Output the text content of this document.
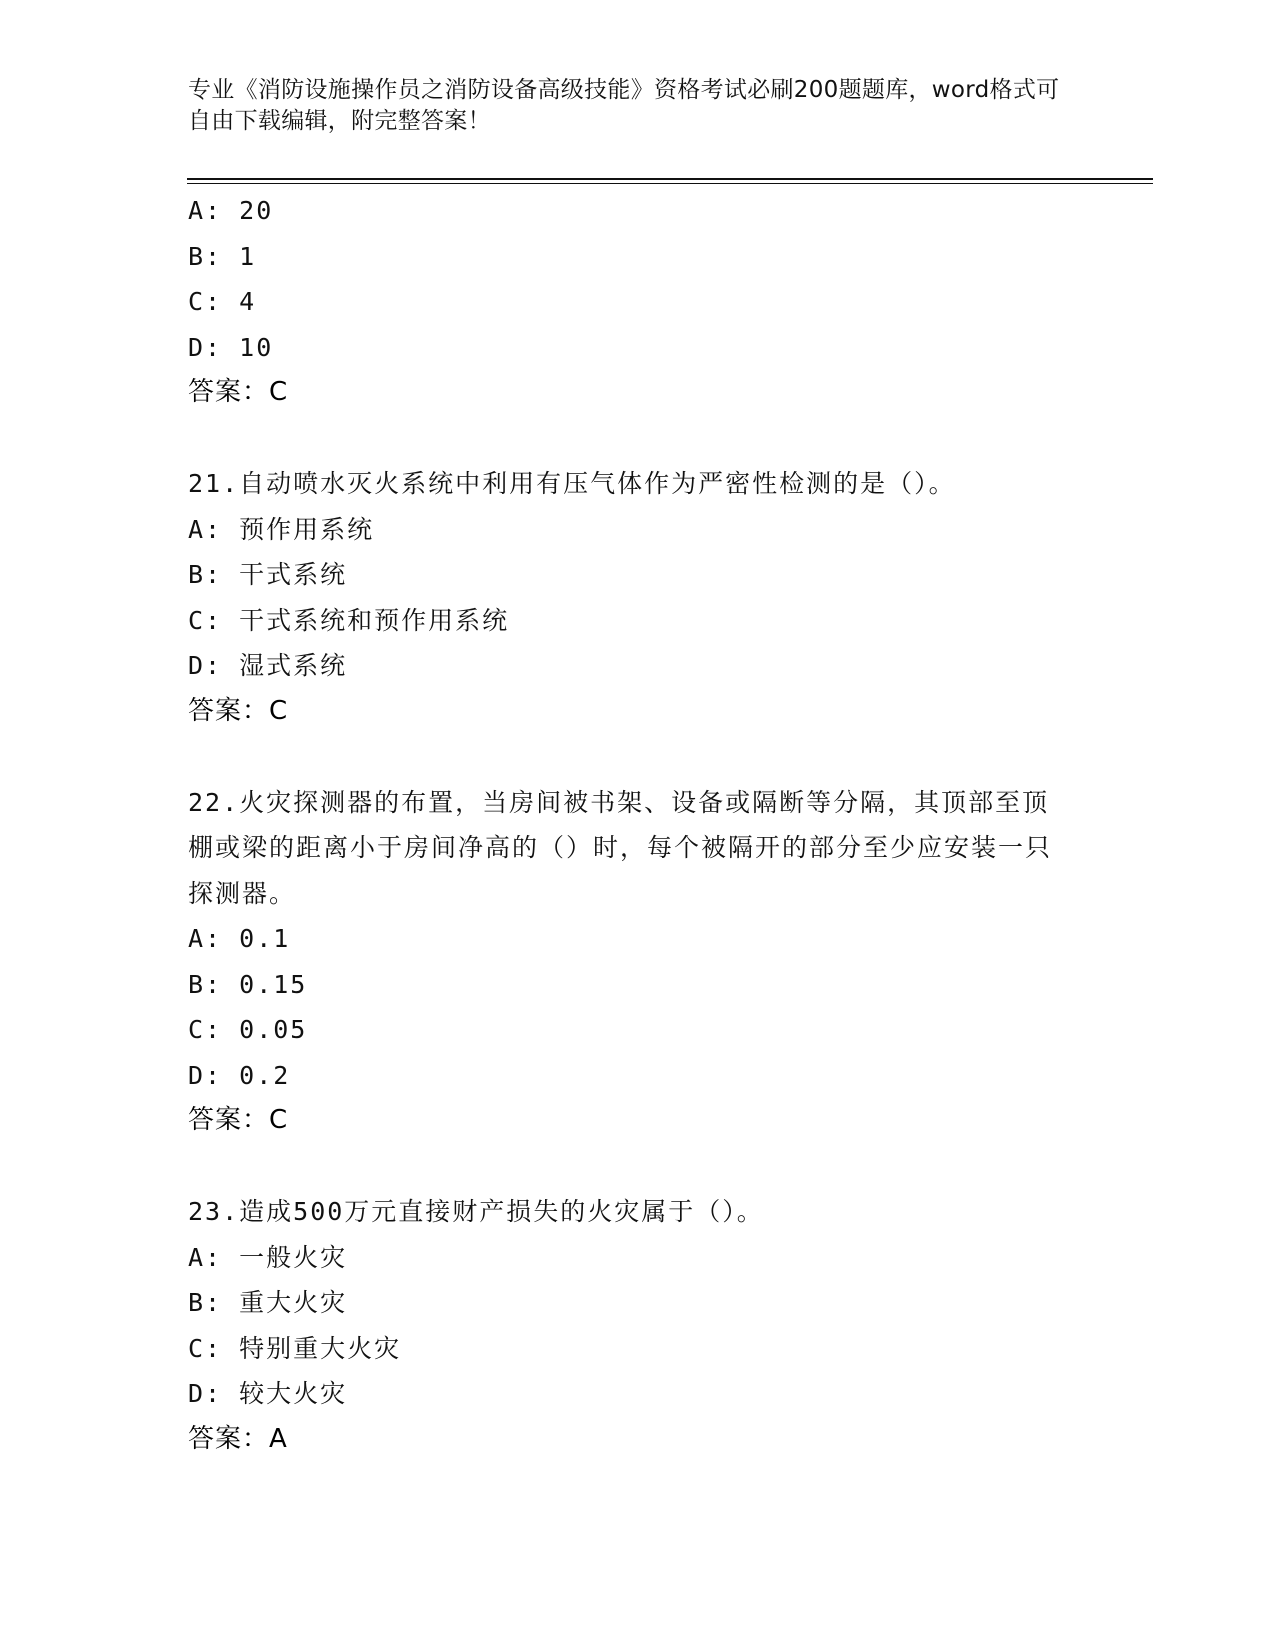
专业《消防设施操作员之消防设备高级技能》资格考试必刷200题题库，word格式可自由下载编辑，附完整答案！
A: 20
B: 1
C: 4
D: 10
答案：C
21.自动喷水灭火系统中利用有压气体作为严密性检测的是（）。
A: 预作用系统
B: 干式系统
C: 干式系统和预作用系统
D: 湿式系统
答案：C
22.火灾探测器的布置，当房间被书架、设备或隔断等分隔，其顶部至顶棚或梁的距离小于房间净高的（）时，每个被隔开的部分至少应安装一只探测器。
A: 0.1
B: 0.15
C: 0.05
D: 0.2
答案：C
23.造成500万元直接财产损失的火灾属于（）。
A: 一般火灾
B: 重大火灾
C: 特别重大火灾
D: 较大火灾
答案：A
